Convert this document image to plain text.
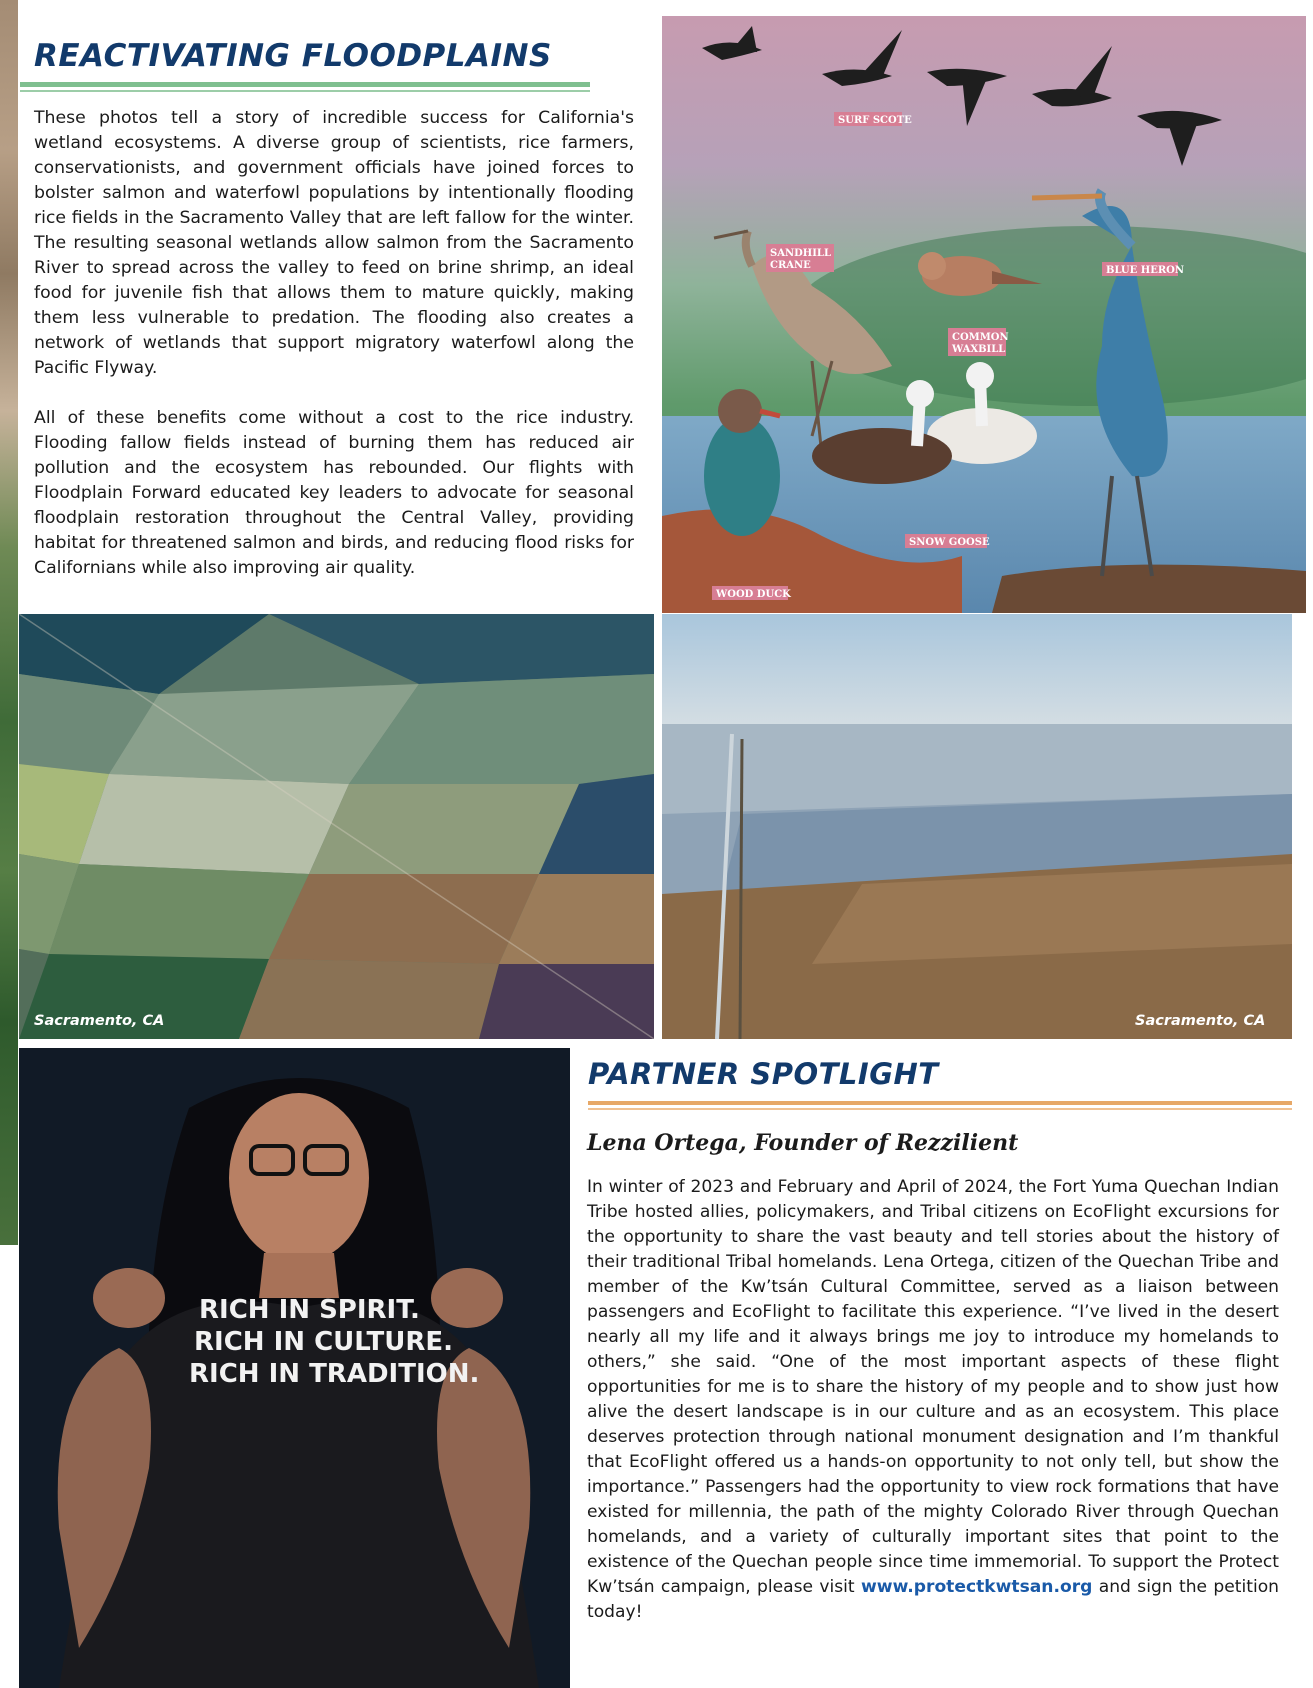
REACTIVATING FLOODPLAINS

These photos tell a story of incredible success for California's wetland ecosystems. A diverse group of scientists, rice farmers, conservationists, and government officials have joined forces to bolster salmon and waterfowl populations by intentionally flooding rice fields in the Sacramento Valley that are left fallow for the winter. The resulting seasonal wetlands allow salmon from the Sacramento River to spread across the valley to feed on brine shrimp, an ideal food for juvenile fish that allows them to mature quickly, making them less vulnerable to predation. The flooding also creates a network of wetlands that support migratory waterfowl along the Pacific Flyway.

All of these benefits come without a cost to the rice industry. Flooding fallow fields instead of burning them has reduced air pollution and the ecosystem has rebounded. Our flights with Floodplain Forward educated key leaders to advocate for seasonal floodplain restoration throughout the Central Valley, providing habitat for threatened salmon and birds, and reducing flood risks for Californians while also improving air quality.

SURF SCOTE
SANDHILL
CRANE	BLUE HERON
COMMON
WAXBILL
SNOW GOOSE
WOOD DUCK
Sacramento, CA	Sacramento, CA
RICH IN SPIRIT.
RICH IN CULTURE.
RICH IN TRADITION.
PARTNER SPOTLIGHT
Lena Ortega, Founder of Rezzilient

In winter of 2023 and February and April of 2024, the Fort Yuma Quechan Indian Tribe hosted allies, policymakers, and Tribal citizens on EcoFlight excursions for the opportunity to share the vast beauty and tell stories about the history of their traditional Tribal homelands. Lena Ortega, citizen of the Quechan Tribe and member of the Kw’tsán Cultural Committee, served as a liaison between passengers and EcoFlight to facilitate this experience. “I’ve lived in the desert nearly all my life and it always brings me joy to introduce my homelands to others,” she said. “One of the most important aspects of these flight opportunities for me is to share the history of my people and to show just how alive the desert landscape is in our culture and as an ecosystem. This place deserves protection through national monument designation and I’m thankful that EcoFlight offered us a hands-on opportunity to not only tell, but show the importance.” Passengers had the opportunity to view rock formations that have existed for millennia, the path of the mighty Colorado River through Quechan homelands, and a variety of culturally important sites that point to the existence of the Quechan people since time immemorial. To support the Protect Kw’tsán campaign, please visit www.protectkwtsan.org and sign the petition today!
